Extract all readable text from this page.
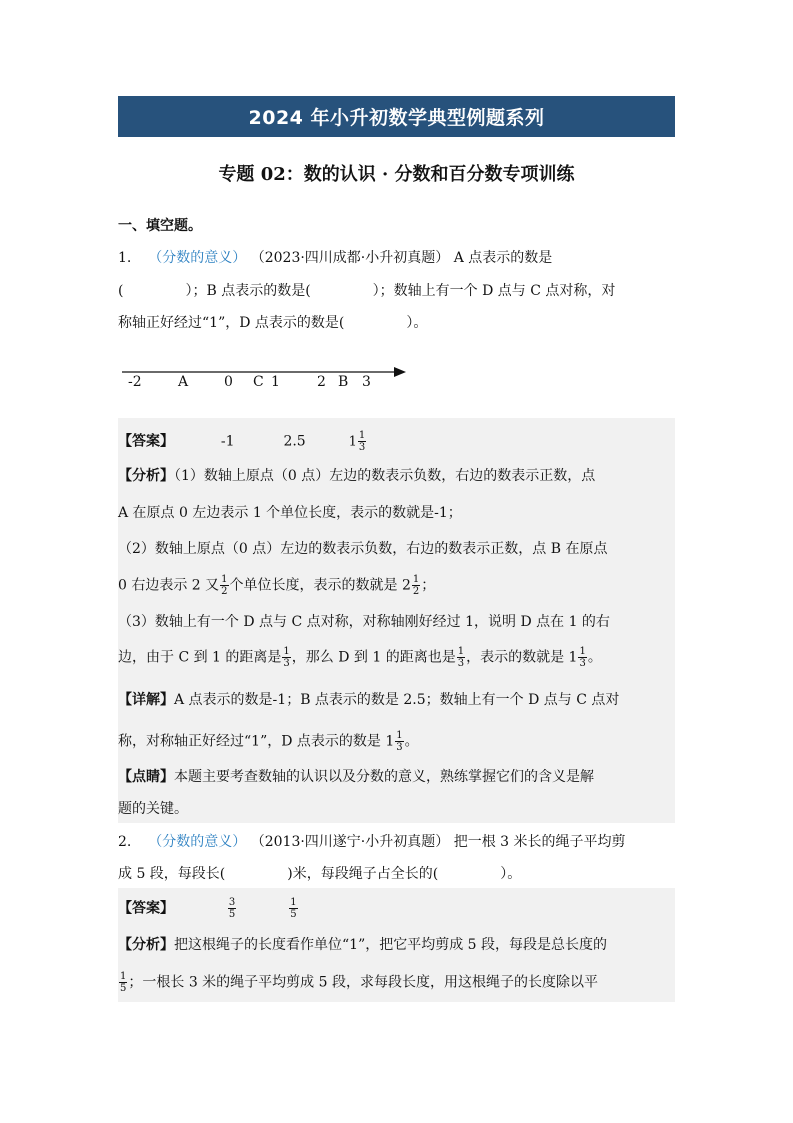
2024 年小升初数学典型例题系列
专题 02：数的认识 · 分数和百分数专项训练
一、填空题。
1. （分数的意义） （2023·四川成都·小升初真题） A 点表示的数是
(	）；B 点表示的数是(	）；数轴上有一个 D 点与 C 点对称，对
称轴正好经过“1”，D 点表示的数是(	）。
-2	A	0 C 1	2 B 3
【答案】	-1	2.5	$1 \frac{1}{3}$
【分析】（1）数轴上原点（0 点）左边的数表示负数，右边的数表示正数，点
A 在原点 0 左边表示 1 个单位长度，表示的数就是-1；
（2）数轴上原点（0 点）左边的数表示负数，右边的数表示正数，点 B 在原点
0 右边表示 2 又 $\frac{1}{2}$ 个单位长度，表示的数就是 $2 \frac{1}{2}$ ；
（3）数轴上有一个 D 点与 C 点对称，对称轴刚好经过 1，说明 D 点在 1 的右
边，由于 C 到 1 的距离是 $\frac{1}{3}$ ，那么 D 到 1 的距离也是 $\frac{1}{3}$ ，表示的数就是 $1 \frac{1}{3}$ 。
【详解】A 点表示的数是-1；B 点表示的数是 2.5；数轴上有一个 D 点与 C 点对
称，对称轴正好经过“1”，D 点表示的数是 $1 \frac{1}{3}$ 。
【点睛】本题主要考查数轴的认识以及分数的意义，熟练掌握它们的含义是解
题的关键。
2. （分数的意义） （2013·四川遂宁·小升初真题） 把一根 3 米长的绳子平均剪
成 5 段，每段长(	)米，每段绳子占全长的(	）。
【答案】	$\frac{3}{5}$
	$\frac{1}{5}$
【分析】把这根绳子的长度看作单位“1”，把它平均剪成 5 段，每段是总长度的
$\frac{1}{5}$ ；一根长 3 米的绳子平均剪成 5 段，求每段长度，用这根绳子的长度除以平
